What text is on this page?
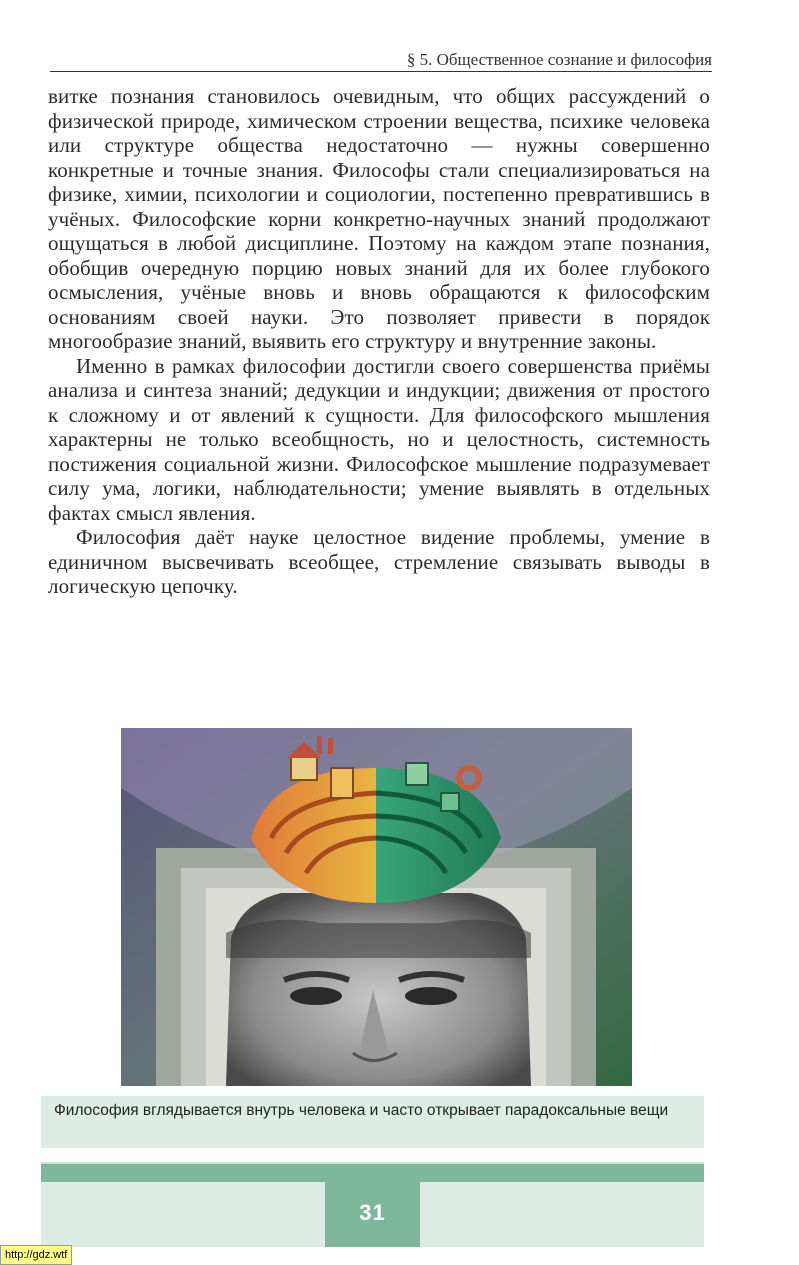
§ 5. Общественное сознание и философия

витке познания становилось очевидным, что общих рассуждений о физической природе, химическом строении вещества, психике человека или структуре общества недостаточно — нужны совершенно конкретные и точные знания. Философы стали специализироваться на физике, химии, психологии и социологии, постепенно превратившись в учёных. Философские корни конкретно-научных знаний продолжают ощущаться в любой дисциплине. Поэтому на каждом этапе познания, обобщив очередную порцию новых знаний для их более глубокого осмысления, учёные вновь и вновь обращаются к философским основаниям своей науки. Это позволяет привести в порядок многообразие знаний, выявить его структуру и внутренние законы.

Именно в рамках философии достигли своего совершенства приёмы анализа и синтеза знаний; дедукции и индукции; движения от простого к сложному и от явлений к сущности. Для философского мышления характерны не только всеобщность, но и целостность, системность постижения социальной жизни. Философское мышление подразумевает силу ума, логики, наблюдательности; умение выявлять в отдельных фактах смысл явления.

Философия даёт науке целостное видение проблемы, умение в единичном высвечивать всеобщее, стремление связывать выводы в логическую цепочку.

Философия вглядывается внутрь человека и часто открывает парадоксальные вещи
31
http://gdz.wtf
